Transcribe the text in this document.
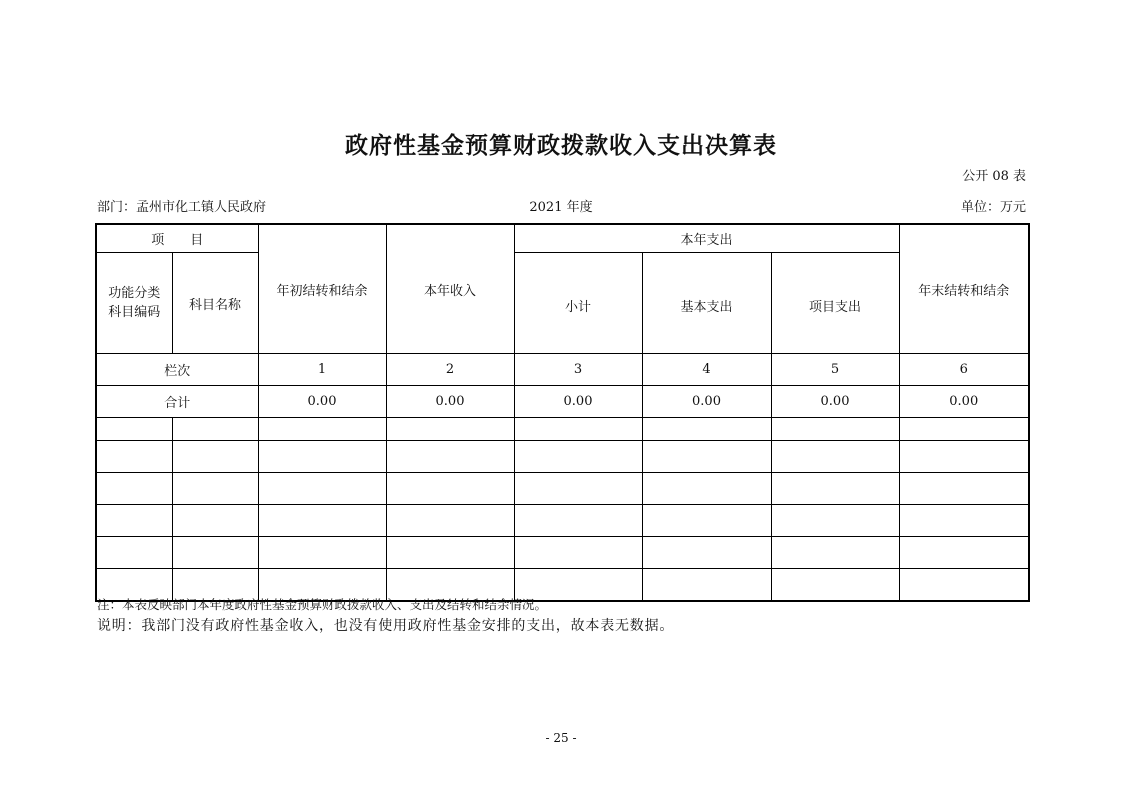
政府性基金预算财政拨款收入支出决算表
公开 08 表
部门：孟州市化工镇人民政府	2021 年度	单位：万元
项　　目		年初结转和结余	本年收入	本年支出			年末结转和结余
功能分类
科目编码	科目名称			小计	基本支出	项目支出	
栏次		1	2	3	4	5	6
合计		0.00	0.00	0.00	0.00	0.00	0.00

注：本表反映部门本年度政府性基金预算财政拨款收入、支出及结转和结余情况。
说明：我部门没有政府性基金收入，也没有使用政府性基金安排的支出，故本表无数据。
- 25 -
